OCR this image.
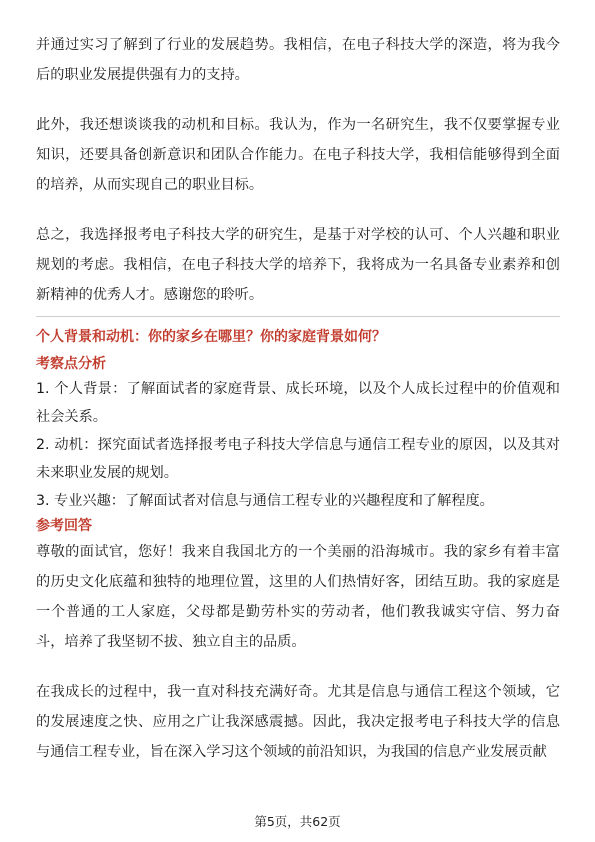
并通过实习了解到了行业的发展趋势。我相信，在电子科技大学的深造，将为我今后的职业发展提供强有力的支持。

此外，我还想谈谈我的动机和目标。我认为，作为一名研究生，我不仅要掌握专业知识，还要具备创新意识和团队合作能力。在电子科技大学，我相信能够得到全面的培养，从而实现自己的职业目标。

总之，我选择报考电子科技大学的研究生，是基于对学校的认可、个人兴趣和职业规划的考虑。我相信，在电子科技大学的培养下，我将成为一名具备专业素养和创新精神的优秀人才。感谢您的聆听。

个人背景和动机：你的家乡在哪里？你的家庭背景如何？

考察点分析

1. 个人背景：了解面试者的家庭背景、成长环境，以及个人成长过程中的价值观和社会关系。

2. 动机：探究面试者选择报考电子科技大学信息与通信工程专业的原因，以及其对未来职业发展的规划。

3. 专业兴趣：了解面试者对信息与通信工程专业的兴趣程度和了解程度。

参考回答

尊敬的面试官，您好！我来自我国北方的一个美丽的沿海城市。我的家乡有着丰富的历史文化底蕴和独特的地理位置，这里的人们热情好客，团结互助。我的家庭是一个普通的工人家庭，父母都是勤劳朴实的劳动者，他们教我诚实守信、努力奋斗，培养了我坚韧不拔、独立自主的品质。

在我成长的过程中，我一直对科技充满好奇。尤其是信息与通信工程这个领域，它的发展速度之快、应用之广让我深感震撼。因此，我决定报考电子科技大学的信息与通信工程专业，旨在深入学习这个领域的前沿知识，为我国的信息产业发展贡献

第5页，共62页
